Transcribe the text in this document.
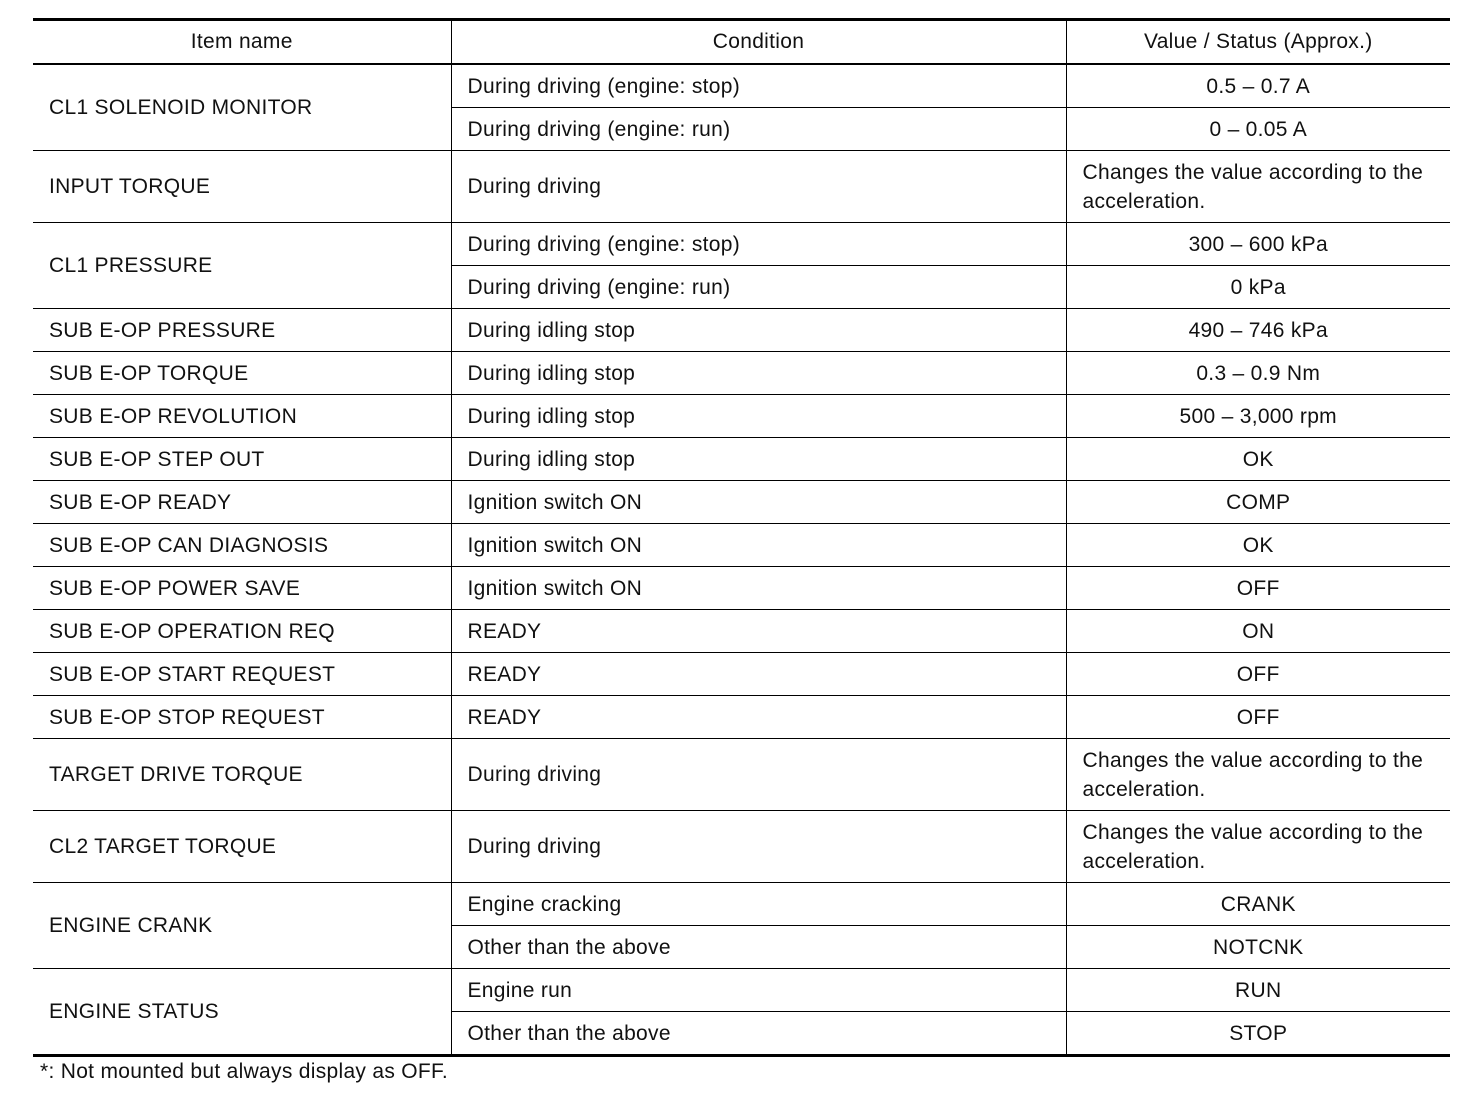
Item name	Condition	Value / Status (Approx.)
CL1 SOLENOID MONITOR	During driving (engine: stop)	0.5 – 0.7 A
	During driving (engine: run)	0 – 0.05 A
INPUT TORQUE	During driving	Changes the value according to the acceleration.
CL1 PRESSURE	During driving (engine: stop)	300 – 600 kPa
	During driving (engine: run)	0 kPa
SUB E-OP PRESSURE	During idling stop	490 – 746 kPa
SUB E-OP TORQUE	During idling stop	0.3 – 0.9 Nm
SUB E-OP REVOLUTION	During idling stop	500 – 3,000 rpm
SUB E-OP STEP OUT	During idling stop	OK
SUB E-OP READY	Ignition switch ON	COMP
SUB E-OP CAN DIAGNOSIS	Ignition switch ON	OK
SUB E-OP POWER SAVE	Ignition switch ON	OFF
SUB E-OP OPERATION REQ	READY	ON
SUB E-OP START REQUEST	READY	OFF
SUB E-OP STOP REQUEST	READY	OFF
TARGET DRIVE TORQUE	During driving	Changes the value according to the acceleration.
CL2 TARGET TORQUE	During driving	Changes the value according to the acceleration.
ENGINE CRANK	Engine cracking	CRANK
	Other than the above	NOTCNK
ENGINE STATUS	Engine run	RUN
	Other than the above	STOP
*: Not mounted but always display as OFF.
